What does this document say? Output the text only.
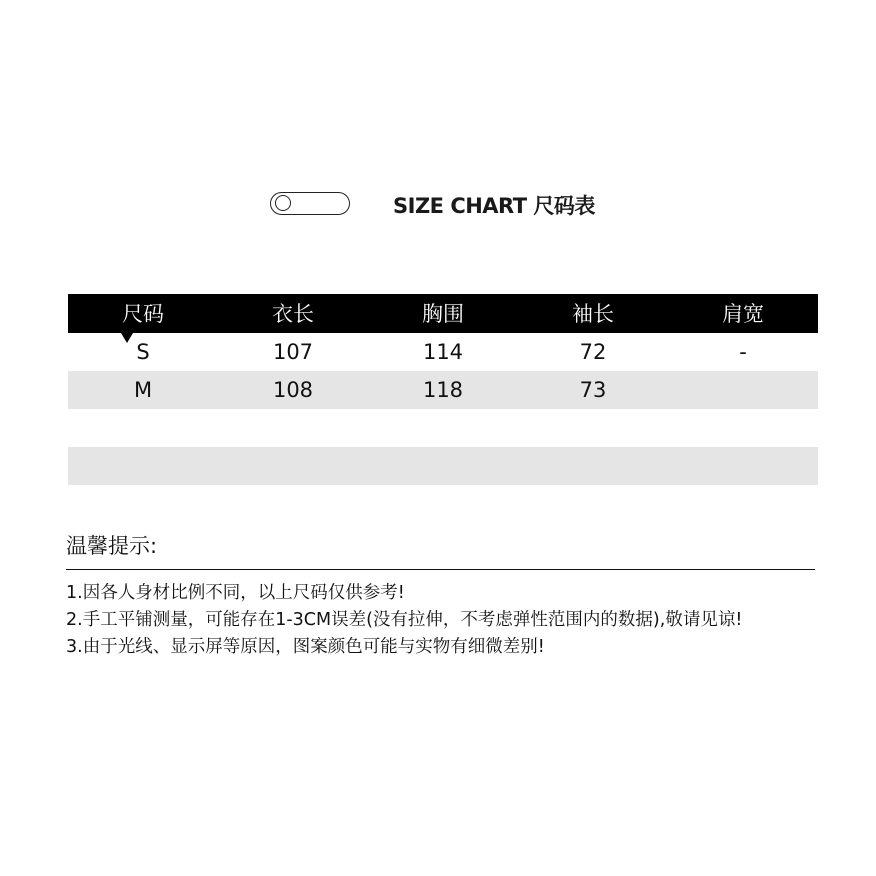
SIZE CHART 尺码表
尺码	衣长	胸围	袖长	肩宽
S	107	114	72	-
M	108	118	73
温馨提示:
1.因各人身材比例不同，以上尺码仅供参考!
2.手工平铺测量，可能存在1-3CM误差(没有拉伸，不考虑弹性范围内的数据),敬请见谅!
3.由于光线、显示屏等原因，图案颜色可能与实物有细微差别!
